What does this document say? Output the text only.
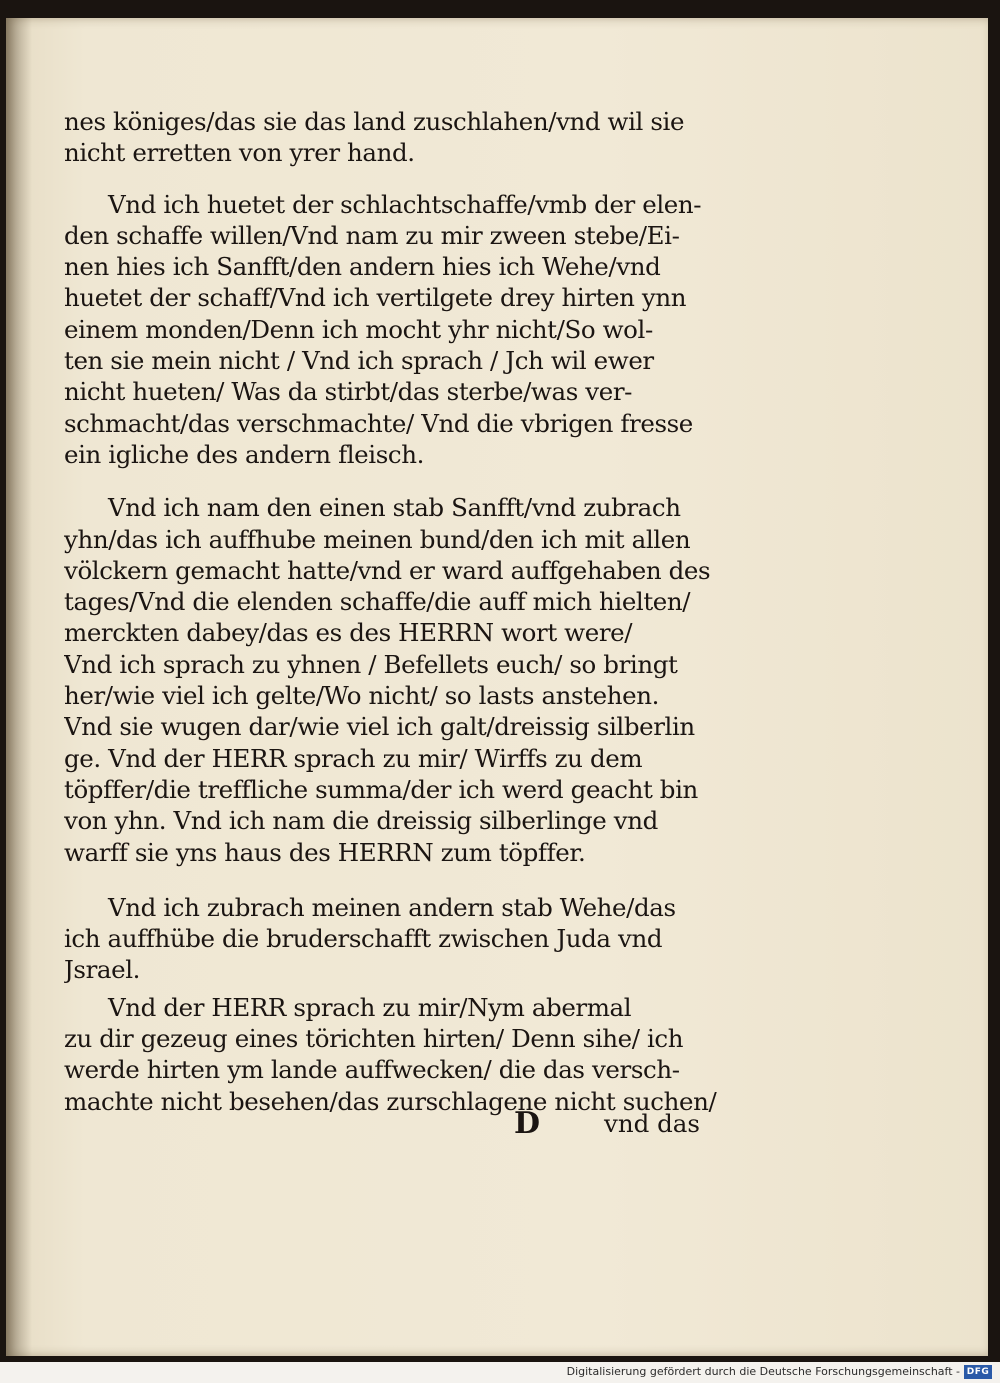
nes königes/das sie das land zuschlahen/vnd wil sie
nicht erretten von yrer hand.

Vnd ich huetet der schlachtschaffe/vmb der elen-
den schaffe willen/Vnd nam zu mir zween stebe/Ei-
nen hies ich Sanfft/den andern hies ich Wehe/vnd
huetet der schaff/Vnd ich vertilgete drey hirten ynn
einem monden/Denn ich mocht yhr nicht/So wol-
ten sie mein nicht / Vnd ich sprach / Jch wil ewer
nicht hueten/ Was da stirbt/das sterbe/was ver-
schmacht/das verschmachte/ Vnd die vbrigen fresse
ein igliche des andern fleisch.

Vnd ich nam den einen stab Sanfft/vnd zubrach
yhn/das ich auffhube meinen bund/den ich mit allen
völckern gemacht hatte/vnd er ward auffgehaben des
tages/Vnd die elenden schaffe/die auff mich hielten/
merckten dabey/das es des HERRN wort were/
Vnd ich sprach zu yhnen / Befellets euch/ so bringt
her/wie viel ich gelte/Wo nicht/ so lasts anstehen.
Vnd sie wugen dar/wie viel ich galt/dreissig silberlin
ge. Vnd der HERR sprach zu mir/ Wirffs zu dem
töpffer/die treffliche summa/der ich werd geacht bin
von yhn. Vnd ich nam die dreissig silberlinge vnd
warff sie yns haus des HERRN zum töpffer.

Vnd ich zubrach meinen andern stab Wehe/das
ich auffhübe die bruderschafft zwischen Juda vnd
Jsrael.

Vnd der HERR sprach zu mir/Nym abermal
zu dir gezeug eines törichten hirten/ Denn sihe/ ich
werde hirten ym lande auffwecken/ die das versch-
machte nicht besehen/das zurschlagene nicht suchen/

D	vnd das
Digitalisierung gefördert durch die Deutsche Forschungsgemeinschaft - DFG
